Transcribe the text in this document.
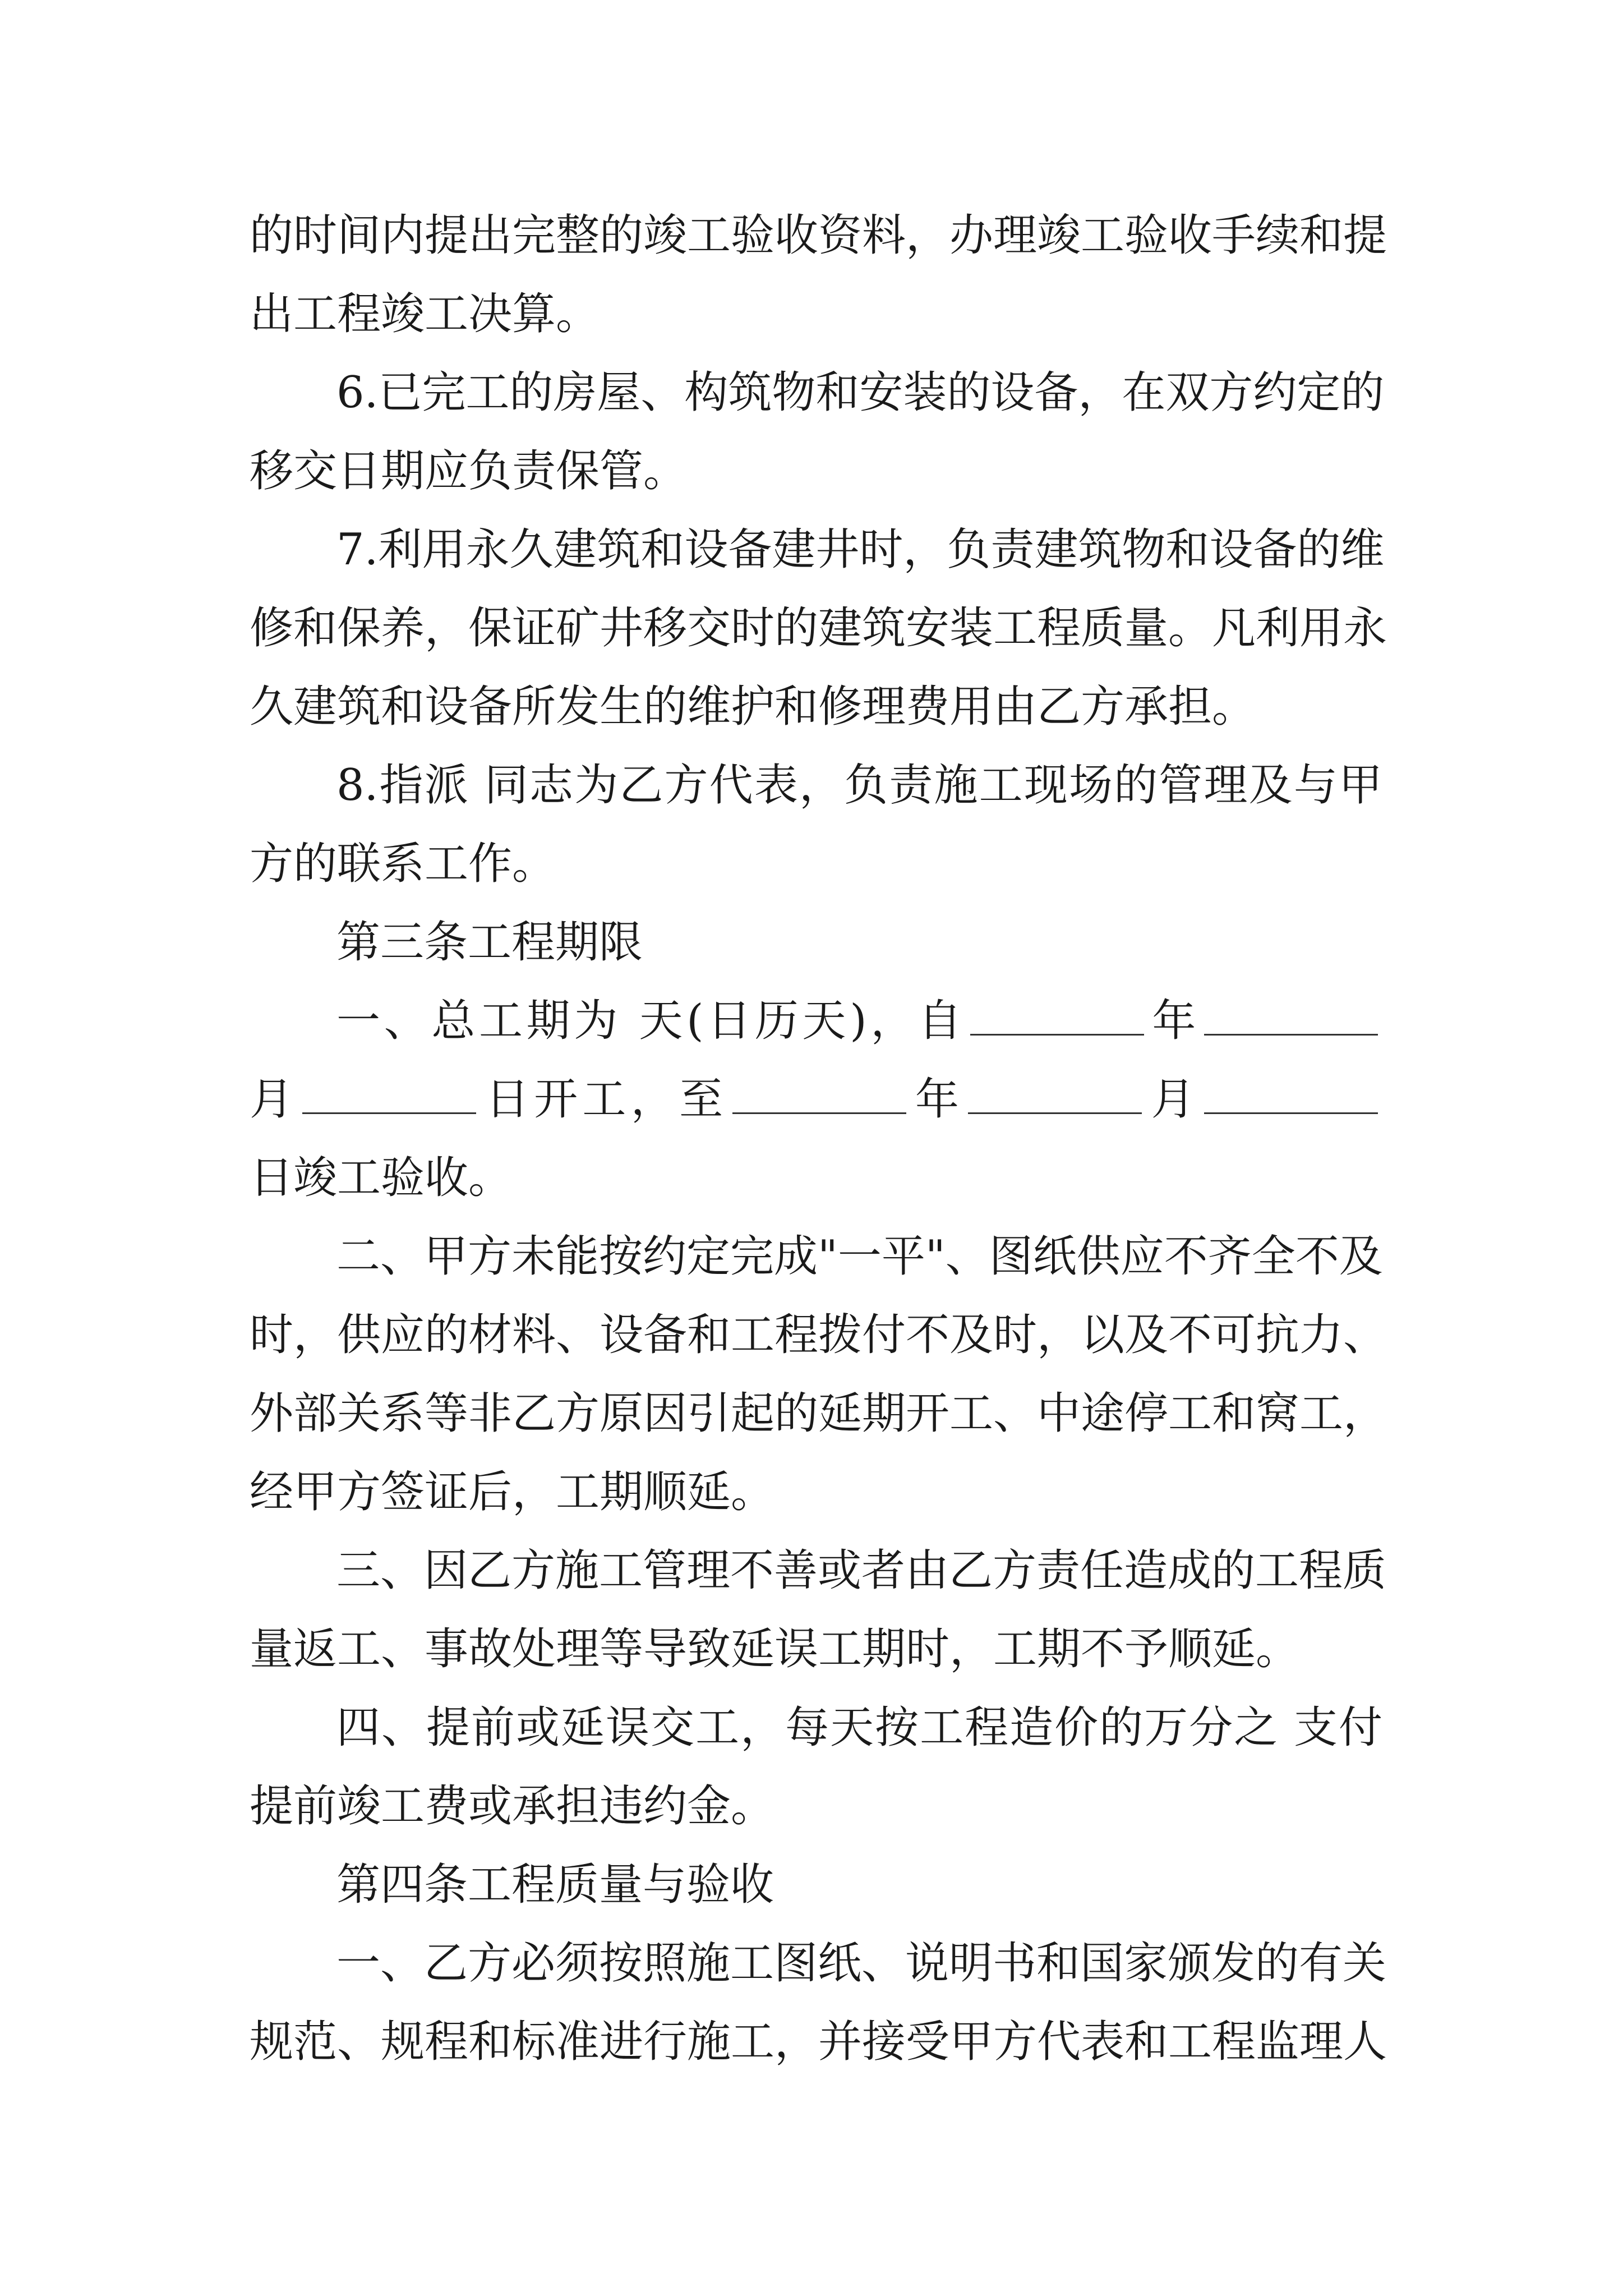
的时间内提出完整的竣工验收资料，办理竣工验收手续和提
出工程竣工决算。
6.已完工的房屋、构筑物和安装的设备，在双方约定的
移交日期应负责保管。
7.利用永久建筑和设备建井时，负责建筑物和设备的维
修和保养，保证矿井移交时的建筑安装工程质量。凡利用永
久建筑和设备所发生的维护和修理费用由乙方承担。
8.指派 同志为乙方代表，负责施工现场的管理及与甲
方的联系工作。
第三条工程期限
一、总工期为 天(日历天)，自	年
月	日开工，至	年	月
日竣工验收。
二、甲方未能按约定完成"一平"、图纸供应不齐全不及
时，供应的材料、设备和工程拨付不及时，以及不可抗力、
外部关系等非乙方原因引起的延期开工、中途停工和窝工，
经甲方签证后，工期顺延。
三、因乙方施工管理不善或者由乙方责任造成的工程质
量返工、事故处理等导致延误工期时，工期不予顺延。
四、提前或延误交工，每天按工程造价的万分之 支付
提前竣工费或承担违约金。
第四条工程质量与验收
一、乙方必须按照施工图纸、说明书和国家颁发的有关
规范、规程和标准进行施工，并接受甲方代表和工程监理人
